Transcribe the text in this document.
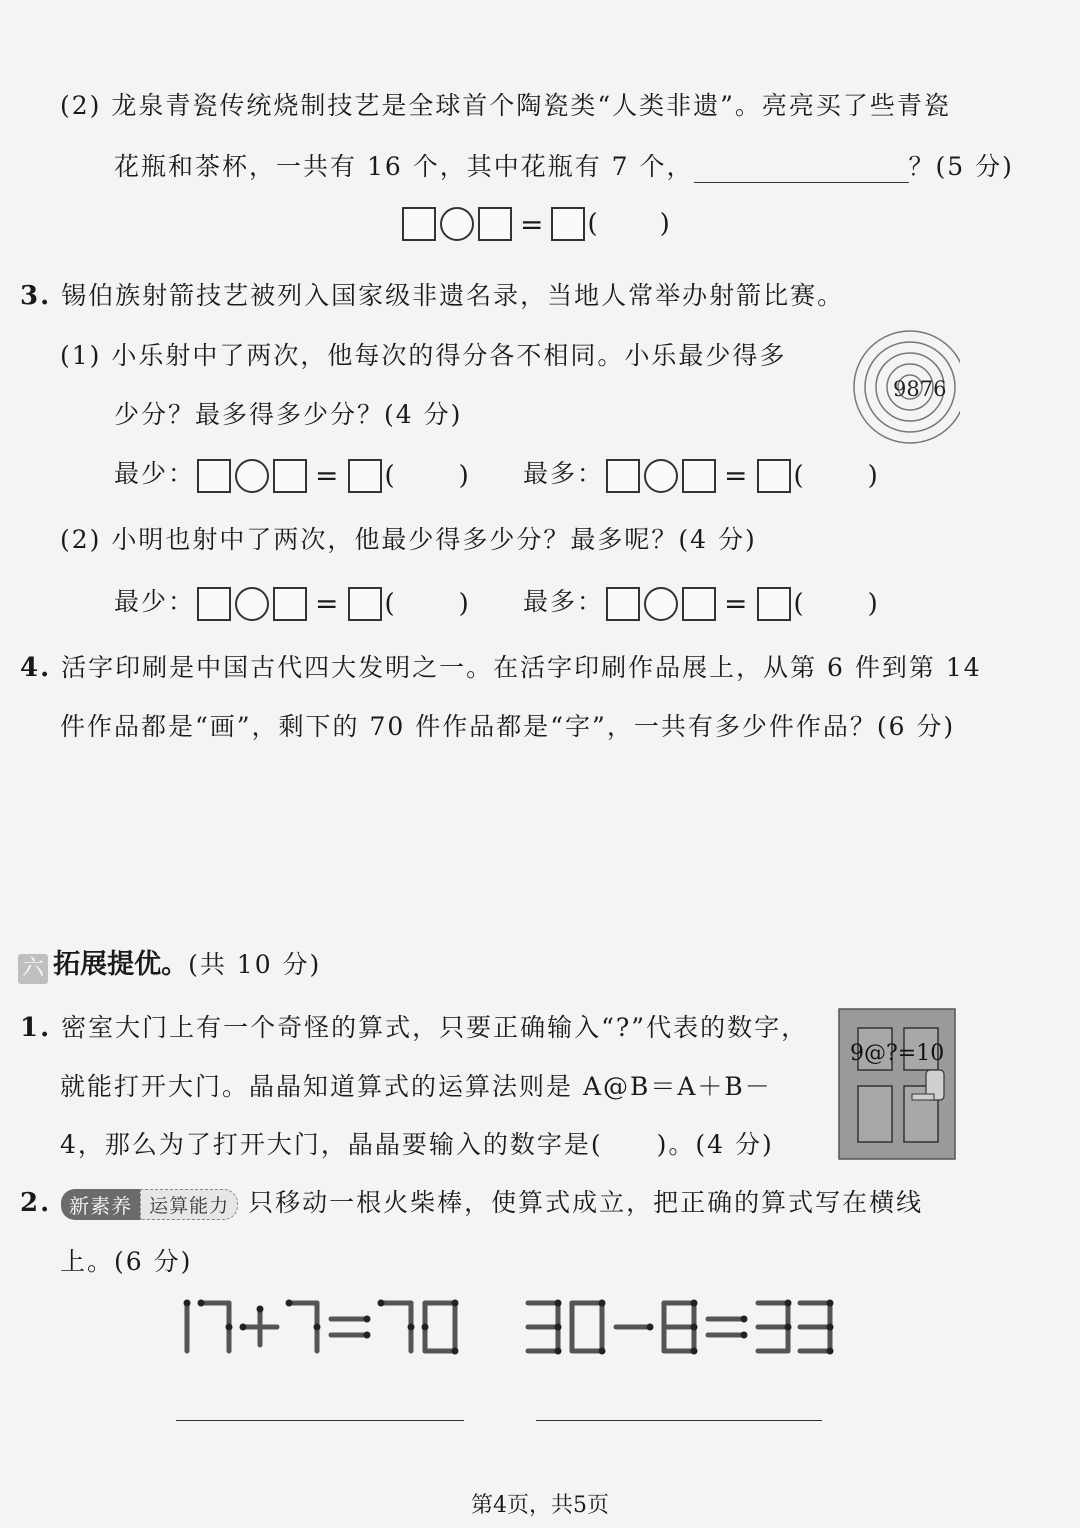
(2) 龙泉青瓷传统烧制技艺是全球首个陶瓷类“人类非遗”。亮亮买了些青瓷
花瓶和茶杯，一共有 16 个，其中花瓶有 7 个，	？(5 分)
= ( )
3. 锡伯族射箭技艺被列入国家级非遗名录，当地人常举办射箭比赛。
(1) 小乐射中了两次，他每次的得分各不相同。小乐最少得多
少分？最多得多少分？(4 分)
9876
最少：	= ( ) 最多：	= ( )
(2) 小明也射中了两次，他最少得多少分？最多呢？(4 分)
最少：	= ( ) 最多：	= ( )
4. 活字印刷是中国古代四大发明之一。在活字印刷作品展上，从第 6 件到第 14
件作品都是“画”，剩下的 70 件作品都是“字”，一共有多少件作品？(6 分)
六 拓展提优。(共 10 分)
1. 密室大门上有一个奇怪的算式，只要正确输入“?”代表的数字，
就能打开大门。晶晶知道算式的运算法则是 A@B＝A＋B－
4，那么为了打开大门，晶晶要输入的数字是(　　)。(4 分)
9@?=10
2. 新素养 运算能力 只移动一根火柴棒，使算式成立，把正确的算式写在横线
上。(6 分)
第4页，共5页
